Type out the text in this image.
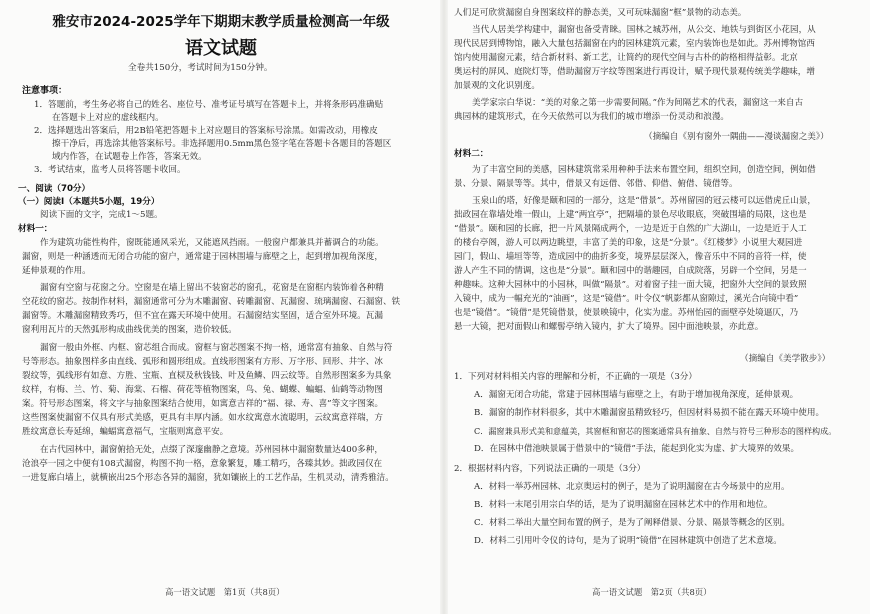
雅安市2024-2025学年下期期末教学质量检测高一年级
语文试题
全卷共150分，考试时间为150分钟。
注意事项：
1．答题前，考生务必将自己的姓名、座位号、准考证号填写在答题卡上，并将条形码准确贴
在答题卡上对应的虚线框内。
2．选择题选出答案后，用2B铅笔把答题卡上对应题目的答案标号涂黑。如需改动，用橡皮
擦干净后，再选涂其他答案标号。非选择题用0.5mm黑色签字笔在答题卡各题目的答题区
域内作答，在试题卷上作答，答案无效。
3．考试结束，监考人员将答题卡收回。
一、阅读（70分）
（一）阅读Ⅰ（本题共5小题，19分）
阅读下面的文字，完成1～5题。
材料一：
作为建筑功能性构件，窗既能通风采光，又能遮风挡雨。一般窗户都兼具并蓄调合的功能。
漏窗，则是一种涵透而无闭合功能的窗户，通常建于园林围墙与廊壁之上，起到增加视角深度，
延伸景观的作用。
漏窗有空窗与花窗之分。空窗是在墙上留出不装窗芯的窗孔，花窗是在窗框内装饰着各种精
空花纹的窗芯。按制作材料，漏窗通常可分为木雕漏窗、砖雕漏窗、瓦漏窗、琉璃漏窗、石漏窗、铁
漏窗等。木雕漏窗精致秀巧，但不宜在露天环境中使用。石漏窗结实坚固，适合室外环境。瓦漏
窗利用瓦片的天然弧形构成曲线优美的图案，造价较低。
漏窗一般由外框、内框、窗芯组合而成。窗框与窗芯图案不拘一格，通常富有抽象、自然与符
号等形态。抽象图样多由直线、弧形和圆形组成。直线形图案有方形、万字形、回形、井字、冰
裂纹等，弧线形有如意、方胜、宝瓶、直棂及秋钱钱、叶及鱼鳞、四云纹等。自然形图案多为具象
纹样，有梅、兰、竹、菊、海棠、石榴、荷花等植物图案，鸟、兔、蝴蝶、蝙蝠、仙鹤等动物图
案。符号形态图案，将文字与抽象图案结合使用，如寓意吉祥的“福、禄、寿、喜”等文字图案。
这些图案使漏窗不仅具有形式美感，更具有丰厚内涵。如水纹寓意水流聪明，云纹寓意祥瑞，方
胜纹寓意长寿延绵，蝙蝠寓意福气，宝瓶则寓意平安。
在古代园林中，漏窗俯拾无处，点缀了深邃幽静之意境。苏州园林中漏窗数量达400多种，
沧浪亭一园之中便有108式漏窗，构图不拘一格，意象繁复，雕工精巧，各臻其妙。拙政园仅在
一进复廊白墙上，就横嵌出25个形态各异的漏窗，犹如镶嵌上的工艺作品，生机灵动，清秀雅洁。
高一语文试题　第1页（共8页）
人们足可欣赏漏窗自身图案纹样的静态美，又可玩味漏窗“框”景物的动态美。
当代人居美学构建中，漏窗也备受青睐。国林之城苏州，从公交、地铁与到街区小花园，从
现代民居到博物馆，融入大量包括漏窗在内的园林建筑元素，室内装饰也是如此。苏州博物馆西
馆内使用漏窗元素，结合新材料、新工艺，让简约的现代空间与古朴的韵格相得益彰。北京
奥运村的屏风、庭院灯等，借助漏窗万字纹等图案进行再设计，赋予现代景观传统美学趣味，增
加景观的文化识别度。
美学家宗白华说：“美的对象之第一步需要间隔。”作为间隔艺术的代表，漏窗这一来自古
典园林的建筑形式，在今天依然可以为我们的城市增添一份灵动和浪漫。
（摘编自《别有窗外一隅曲——漫谈漏窗之美》）
材料二：
为了丰富空间的美感，园林建筑常采用种种手法来布置空间，组织空间，创造空间，例如借
景、分景、隔景等等。其中，借景又有远借、邻借、仰借、俯借、镜借等。
玉泉山的塔，好像是颐和园的一部分，这是“借景”。苏州留园的冠云楼可以远借虎丘山景，
拙政园在靠墙处堆一假山，上建“两宜亭”，把隔墙的景色尽收眼底，突破围墙的局限，这也是
“借景”。颐和园的长廊，把一片风景隔成两个，一边是近于自然的广大湖山，一边是近于人工
的楼台亭阁，游人可以两边眺望，丰富了美的印象，这是“分景”。《红楼梦》小说里大观园进
园门，假山、墙垣等等，造成园中的曲折多变，境界层层深入，像音乐中不同的音符一样，使
游人产生不同的情调，这也是“分景”。颐和园中的谐趣园，自成院落，另辟一个空间，另是一
种趣味。这种大园林中的小园林，叫做“隔景”。对着窗子挂一面大镜，把窗外大空间的景致照
入镜中，成为一幅充光的“油画”，这是“镜借”。叶令仪“帆影都从窗隙过，溪光合向镜中看”
也是“镜借”。“镜借”是凭镜借景，使景映镜中，化实为虚。苏州怡园的面壁亭处境逼仄，乃
悬一大镜，把对面假山和螺髻亭纳入镜内，扩大了境界。园中面池映景，亦此意。
（摘编自《美学散步》）
1．下列对材料相关内容的理解和分析，不正确的一项是（3分）
A．漏窗无闭合功能，常建于园林围墙与廊壁之上，有助于增加视角深度，延伸景观。
B．漏窗的制作材料很多，其中木雕漏窗虽精致轻巧，但因材料易损不能在露天环境中使用。
C．漏窗兼具形式美和意蕴美，其窗框和窗芯的图案通常具有抽象、自然与符号三种形态的图样构成。
D．在园林中借池映景属于借景中的“镜借”手法，能起到化实为虚、扩大境界的效果。
2．根据材料内容，下列说法正确的一项是（3分）
A．材料一举苏州园林、北京奥运村的例子，是为了说明漏窗在古今场景中的应用。
B．材料一末尾引用宗白华的话，是为了说明漏窗在园林艺术中的作用和地位。
C．材料二举出大量空间布置的例子，是为了阐释借景、分景、隔景等概念的区别。
D．材料二引用叶令仪的诗句，是为了说明“镜借”在园林建筑中创造了艺术意境。
高一语文试题　第2页（共8页）
